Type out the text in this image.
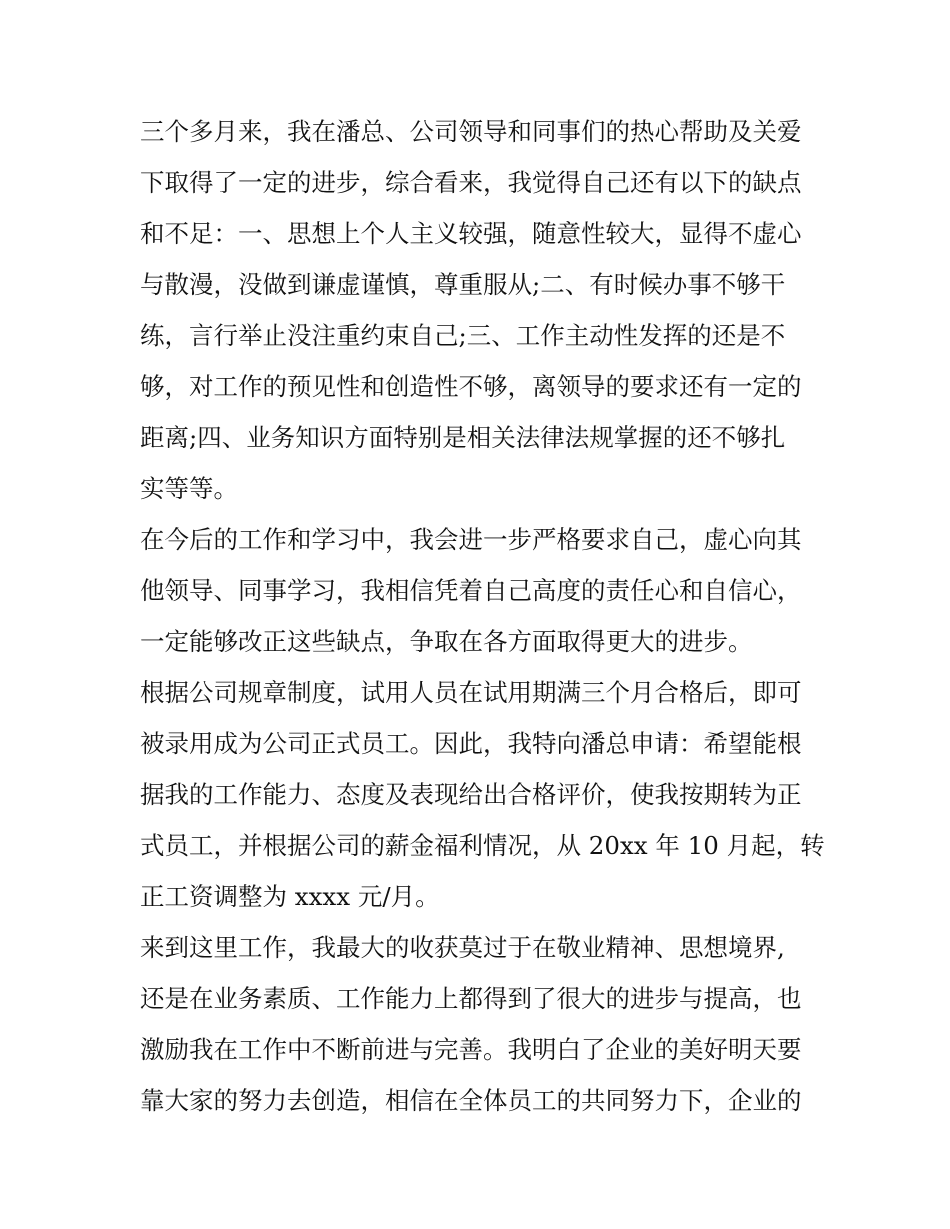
三个多月来，我在潘总、公司领导和同事们的热心帮助及关爱
下取得了一定的进步，综合看来，我觉得自己还有以下的缺点
和不足：一、思想上个人主义较强，随意性较大，显得不虚心
与散漫，没做到谦虚谨慎，尊重服从;二、有时候办事不够干
练，言行举止没注重约束自己;三、工作主动性发挥的还是不
够，对工作的预见性和创造性不够，离领导的要求还有一定的
距离;四、业务知识方面特别是相关法律法规掌握的还不够扎
实等等。
在今后的工作和学习中，我会进一步严格要求自己，虚心向其
他领导、同事学习，我相信凭着自己高度的责任心和自信心，
一定能够改正这些缺点，争取在各方面取得更大的进步。
根据公司规章制度，试用人员在试用期满三个月合格后，即可
被录用成为公司正式员工。因此，我特向潘总申请：希望能根
据我的工作能力、态度及表现给出合格评价，使我按期转为正
式员工，并根据公司的薪金福利情况，从 20xx 年 10 月起，转
正工资调整为 xxxx 元/月。
来到这里工作，我最大的收获莫过于在敬业精神、思想境界,
还是在业务素质、工作能力上都得到了很大的进步与提高，也
激励我在工作中不断前进与完善。我明白了企业的美好明天要
靠大家的努力去创造，相信在全体员工的共同努力下，企业的
